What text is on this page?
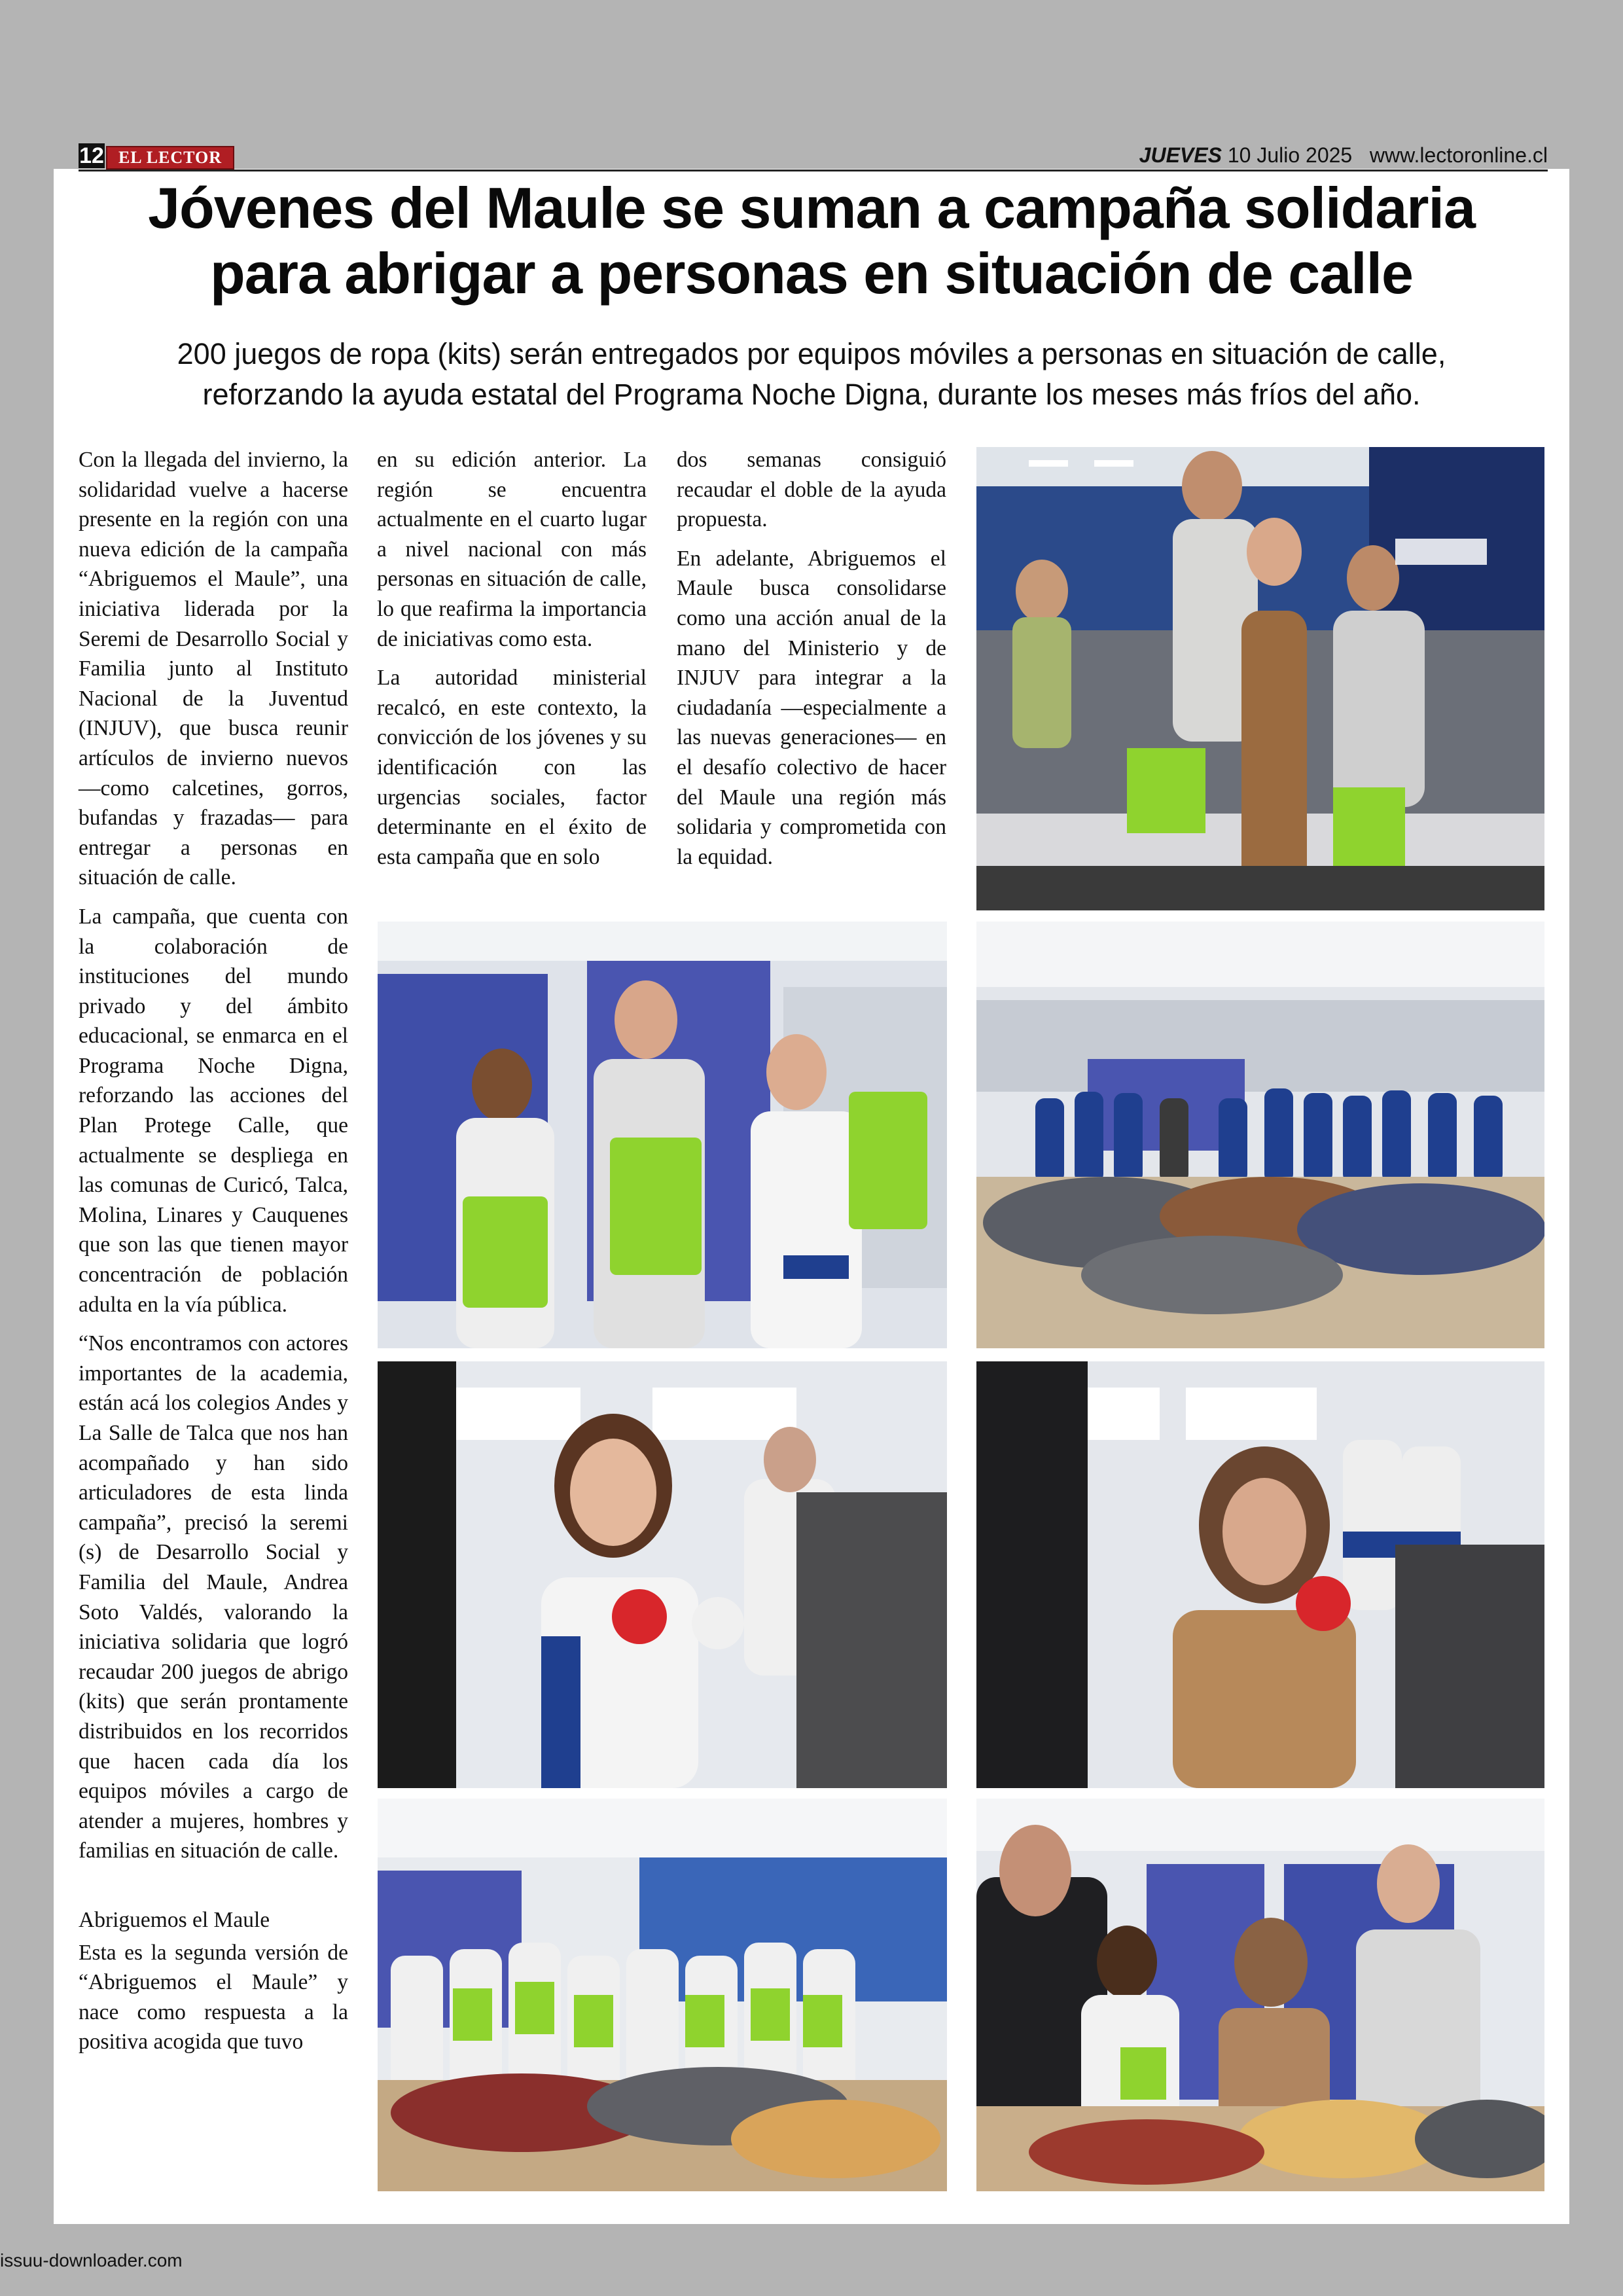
12 EL LECTOR	JUEVES 10 Julio 2025 www.lectoronline.cl
Jóvenes del Maule se suman a campaña solidaria
para abrigar a personas en situación de calle
200 juegos de ropa (kits) serán entregados por equipos móviles a personas en situación de calle,
reforzando la ayuda estatal del Programa Noche Digna, durante los meses más fríos del año.

Con la llegada del invierno, la solidaridad vuelve a hacerse presente en la región con una nueva edición de la campaña “Abriguemos el Maule”, una iniciativa liderada por la Seremi de Desarrollo Social y Familia junto al Instituto Nacional de la Juventud (INJUV), que busca reunir artículos de invierno nuevos —como calcetines, gorros, bufandas y frazadas— para entregar a personas en situación de calle.

La campaña, que cuenta con la colaboración de instituciones del mundo privado y del ámbito educacional, se enmarca en el Programa Noche Digna, reforzando las acciones del Plan Protege Calle, que actualmente se despliega en las comunas de Curicó, Talca, Molina, Linares y Cauquenes que son las que tienen mayor concentración de población adulta en la vía pública.

“Nos encontramos con actores importantes de la academia, están acá los colegios Andes y La Salle de Talca que nos han acompañado y han sido articuladores de esta linda campaña”, precisó la seremi (s) de Desarrollo Social y Familia del Maule, Andrea Soto Valdés, valorando la iniciativa solidaria que logró recaudar 200 juegos de abrigo (kits) que serán prontamente distribuidos en los recorridos que hacen cada día los equipos móviles a cargo de atender a mujeres, hombres y familias en situación de calle.

Abriguemos el Maule

Esta es la segunda versión de “Abriguemos el Maule” y nace como respuesta a la positiva acogida que tuvo

en su edición anterior. La región se encuentra actualmente en el cuarto lugar a nivel nacional con más personas en situación de calle, lo que reafirma la importancia de iniciativas como esta.

La autoridad ministerial recalcó, en este contexto, la convicción de los jóvenes y su identificación con las urgencias sociales, factor determinante en el éxito de esta campaña que en solo

dos semanas consiguió recaudar el doble de la ayuda propuesta.

En adelante, Abriguemos el Maule busca consolidarse como una acción anual de la mano del Ministerio y de INJUV para integrar a la ciudadanía —especialmente a las nuevas generaciones— en el desafío colectivo de hacer del Maule una región más solidaria y comprometida con la equidad.

issuu-downloader.com
